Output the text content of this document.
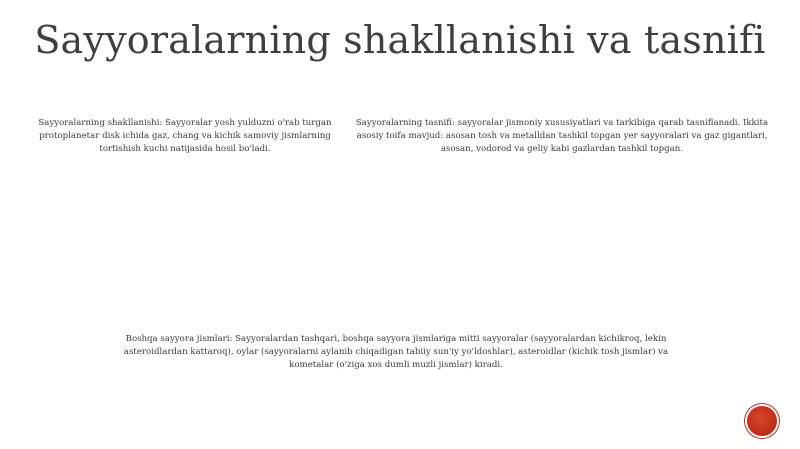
Sayyoralarning shakllanishi va tasnifi

Sayyoralarning shakllanishi: Sayyoralar yosh yulduzni o'rab turgan protoplanetar disk ichida gaz, chang va kichik samoviy jismlarning tortishish kuchi natijasida hosil bo'ladi.

Sayyoralarning tasnifi: sayyoralar jismoniy xususiyatlari va tarkibiga qarab tasniflanadi. Ikkita asosiy toifa mavjud: asosan tosh va metalldan tashkil topgan yer sayyoralari va gaz gigantlari, asosan, vodorod va geliy kabi gazlardan tashkil topgan.

Boshqa sayyora jismlari: Sayyoralardan tashqari, boshqa sayyora jismlariga mitti sayyoralar (sayyoralardan kichikroq, lekin asteroidlardan kattaroq), oylar (sayyoralarni aylanib chiqadigan tabiiy sun'iy yo'ldoshlar), asteroidlar (kichik tosh jismlar) va kometalar (o'ziga xos dumli muzli jismlar) kiradi.
